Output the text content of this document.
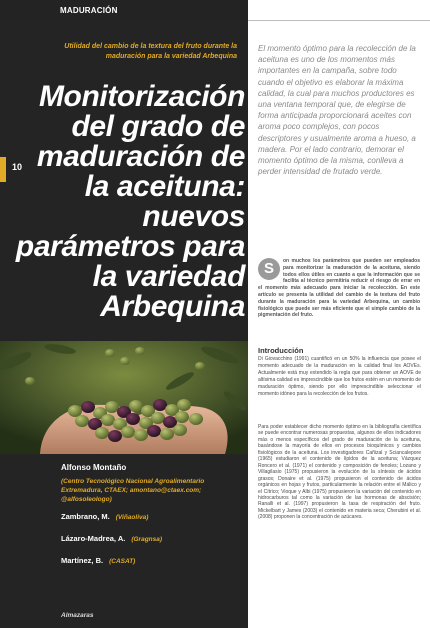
MADURACIÓN
Utilidad del cambio de la textura del fruto durante la maduración para la variedad Arbequina
10
Monitorización del grado de maduración de la aceituna: nuevos parámetros para la variedad Arbequina
Alfonso Montaño
(Centro Tecnológico Nacional Agroalimentario Extremadura, CTAEX; amontano@ctaex.com; @alfosoleologo)
Zambrano, M. (Viñaoliva)
Lázaro-Madrea, A. (Gragnsa)
Martínez, B. (CASAT)
Almazaras

El momento óptimo para la recolección de la aceituna es uno de los momentos más importantes en la campaña, sobre todo cuando el objetivo es elaborar la máxima calidad, la cual para muchos productores es una ventana temporal que, de elegirse de forma anticipada proporcionará aceites con aroma poco complejos, con pocos descriptores y usualmente aroma a hueso, a madera. Por el lado contrario, demorar el momento óptimo de la misma, conlleva a perder intensidad de frutado verde.

S	on muchos los parámetros que pueden ser empleados para monitorizar la maduración de la aceituna, siendo todos ellos útiles en cuanto a que la información que se facilita al técnico permitiría reducir el riesgo de errar en el momento más adecuado para iniciar la recolección. En este artículo se presenta la utilidad del cambio de la textura del fruto durante la maduración para la variedad Arbequina, un cambio fisiológico que puede ser más eficiente que el simple cambio de la pigmentación del fruto.
Introducción

Di Giovacchino (1991) cuantificó en un 50% la influencia que posee el momento adecuado de la maduración en la calidad final los AOVEs. Actualmente está muy extendido la regla que para obtener un AOVE de altísima calidad es imprescindible que los frutos estén en un momento de maduración óptimo, siendo por ello imprescindible seleccionar el momento idóneo para la recolección de los frutos.

Para poder establecer dicho momento óptimo en la bibliografía científica se puede encontrar numerosas propuestas, algunos de ellos indicadores más o menos específicos del grado de maduración de la aceituna, basándose la mayoría de ellos en procesos bioquímicos y cambios fisiológicos de la aceituna. Los investigadores Cañizal y Sciancalepore (1965) estudiaron el contenido de lípidos de la aceituna; Vázquez Roncero et al. (1971) el contenido y composición de fenoles; Lozano y Villagilasio (1975) propusieron la evolución de la síntesis de ácidos grasos; Donaire et al. (1975) propusieron el contenido de ácidos orgánicos en hojas y frutos, particularmente la relación entre el Málico y el Cítrico; Vioque y Albi (1975) propusieron la variación del contenido en hidrocarburos tal como la variación de las hormonas de abscisión; Ranalli et al. (1997) propusieron la tasa de respiración del fruto. Mickelbart y James (2003) el contenido en materia seca; Cherubini et al. (2008) proponen la concentración de azúcares.
